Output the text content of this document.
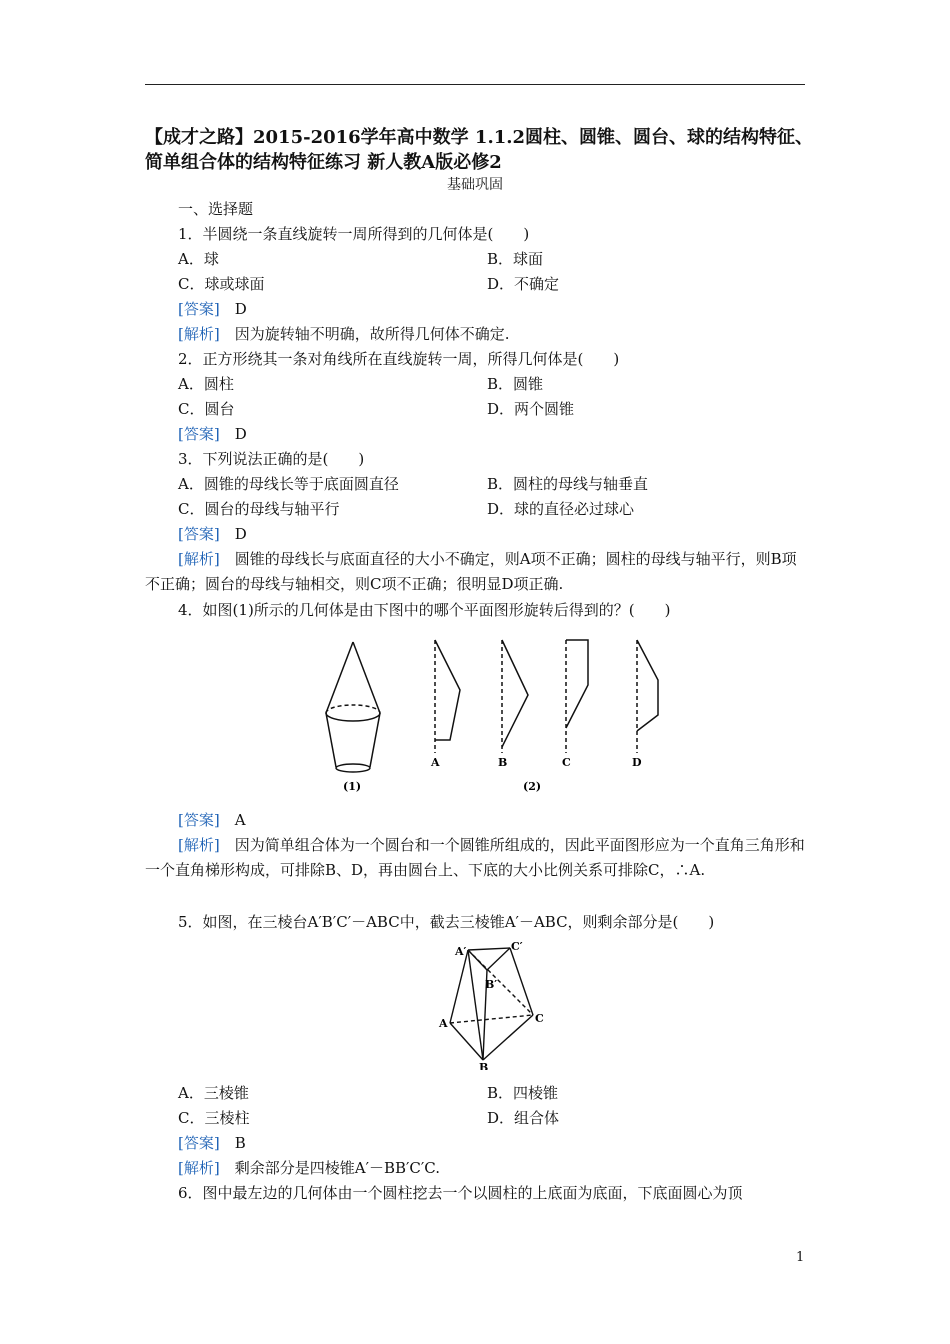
【成才之路】2015-2016学年高中数学 1.1.2圆柱、圆锥、圆台、球的结构特征、简单组合体的结构特征练习 新人教A版必修2
基础巩固
一、选择题
1．半圆绕一条直线旋转一周所得到的几何体是(　　)
A．球	B．球面
C．球或球面	D．不确定
[答案]　 D
[解析]　 因为旋转轴不明确，故所得几何体不确定.
2．正方形绕其一条对角线所在直线旋转一周，所得几何体是(　　)
A．圆柱	B．圆锥
C．圆台	D．两个圆锥
[答案]　 D
3．下列说法正确的是(　　)
A．圆锥的母线长等于底面圆直径	B．圆柱的母线与轴垂直
C．圆台的母线与轴平行	D．球的直径必过球心
[答案]　 D
[解析]　 圆锥的母线长与底面直径的大小不确定，则A项不正确；圆柱的母线与轴平行，则B项不正确；圆台的母线与轴相交，则C项不正确；很明显D项正确.
4．如图(1)所示的几何体是由下图中的哪个平面图形旋转后得到的？(　　)
A	B	C	D
(1)	(2)
[答案]　 A
[解析]　 因为简单组合体为一个圆台和一个圆锥所组成的，因此平面图形应为一个直角三角形和一个直角梯形构成，可排除B、D，再由圆台上、下底的大小比例关系可排除C，∴A.
5．如图，在三棱台A′B′C′－ABC中，截去三棱锥A′－ABC，则剩余部分是(　　)
A′	C′
B′
A	C
B
A．三棱锥	B．四棱锥
C．三棱柱	D．组合体
[答案]　 B
[解析]　 剩余部分是四棱锥A′－BB′C′C.
6．图中最左边的几何体由一个圆柱挖去一个以圆柱的上底面为底面，下底面圆心为顶
1
